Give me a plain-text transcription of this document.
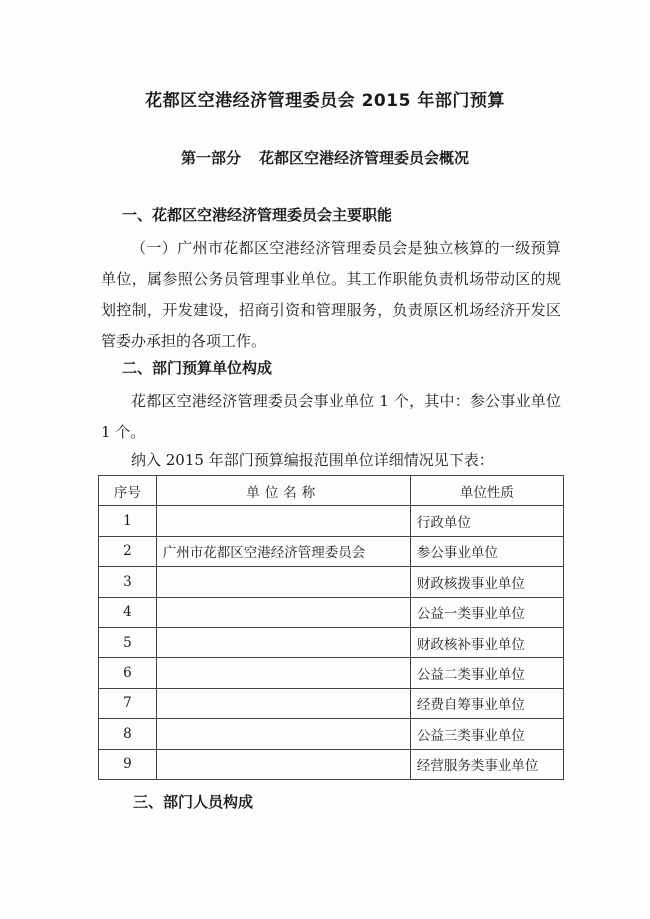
花都区空港经济管理委员会 2015 年部门预算
第一部分 花都区空港经济管理委员会概况
一、花都区空港经济管理委员会主要职能
（一）广州市花都区空港经济管理委员会是独立核算的一级预算单位，属参照公务员管理事业单位。其工作职能负责机场带动区的规划控制，开发建设，招商引资和管理服务，负责原区机场经济开发区管委办承担的各项工作。
二、部门预算单位构成
花都区空港经济管理委员会事业单位 1 个，其中：参公事业单位 1 个。
纳入 2015 年部门预算编报范围单位详细情况见下表：
序号	单位名称	单位性质
1		行政单位
2	广州市花都区空港经济管理委员会	参公事业单位
3		财政核拨事业单位
4		公益一类事业单位
5		财政核补事业单位
6		公益二类事业单位
7		经费自筹事业单位
8		公益三类事业单位
9		经营服务类事业单位
三、部门人员构成
